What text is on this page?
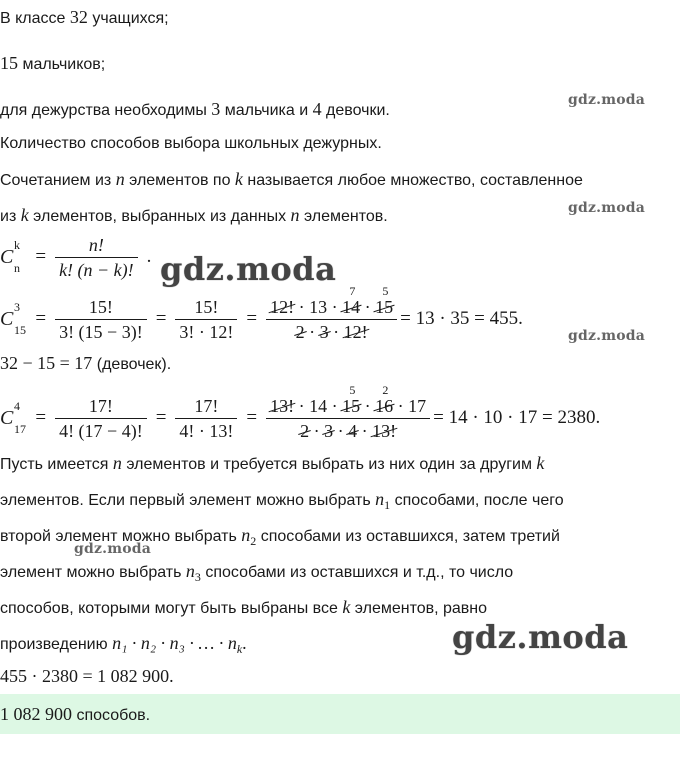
В классе 32 учащихся;
15 мальчиков;
для дежурства необходимы 3 мальчика и 4 девочки.
gdz.moda
Количество способов выбора школьных дежурных.
Сочетанием из n элементов по k называется любое множество, составленное
из k элементов, выбранных из данных n элементов.	gdz.moda
C
k
n
= $\frac{n!}{k! (n - k)!}$ . gdz.moda
C
3
15
= $\frac{15!}{3! (15 - 3)!} = \frac{15!}{3! \cdot 12!} = 12$! · 13 · 14
7
· 15
5
2 · 3 · 12! = 13 · 35 = 455.
gdz.moda
32 − 15 = 17 (девочек).
C
4
17
= $\frac{17!}{4! (17 - 4)!} = \frac{17!}{4! \cdot 13!} = 13$! · 14 · 15
5
· 16
2
· 17
2 · 3 · 4 · 13! = 14 · 10 · 17 = 2380.
Пусть имеется n элементов и требуется выбрать из них один за другим k
элементов. Если первый элемент можно выбрать $n_1$ способами, после чего
второй элемент можно выбрать $n_2$ способами из оставшихся, затем третий
gdz.moda
элемент можно выбрать $n_3$ способами из оставшихся и т.д., то число
способов, которыми могут быть выбраны все k элементов, равно
произведению n₁ · n₂ · n₃ · … · $n_k$.	gdz.moda
455 · 2380 = 1 082 900.
1 082 900 способов.
